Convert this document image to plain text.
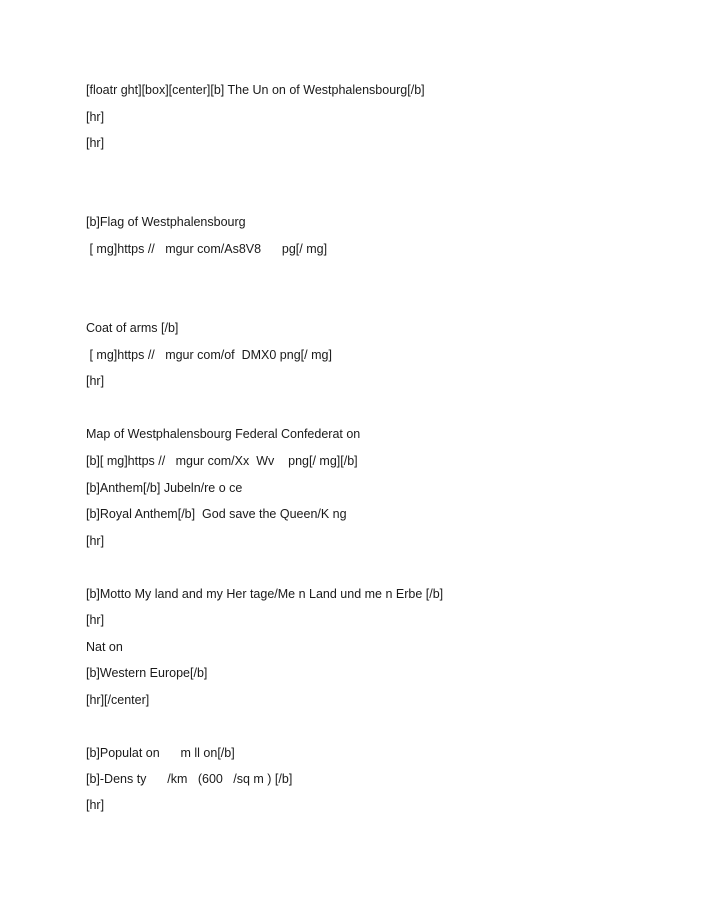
[floatr ght][box][center][b] The Un on of Westphalensbourg[/b]
[hr]
[hr]
[b]Flag of Westphalensbourg
[ mg]https //   mgur com/As8V8      pg[/ mg]
Coat of arms [/b]
[ mg]https //   mgur com/of  DMX0 png[/ mg]
[hr]
Map of Westphalensbourg Federal Confederat on
[b][ mg]https //   mgur com/Xx  Wv    png[/ mg][/b]
[b]Anthem[/b] Jubeln/re o ce
[b]Royal Anthem[/b]  God save the Queen/K ng
[hr]
[b]Motto My land and my Her tage/Me n Land und me n Erbe [/b]
[hr]
Nat on
[b]Western Europe[/b]
[hr][/center]
[b]Populat on      m ll on[/b]
[b]-Dens ty      /km   (600   /sq m ) [/b]
[hr]
